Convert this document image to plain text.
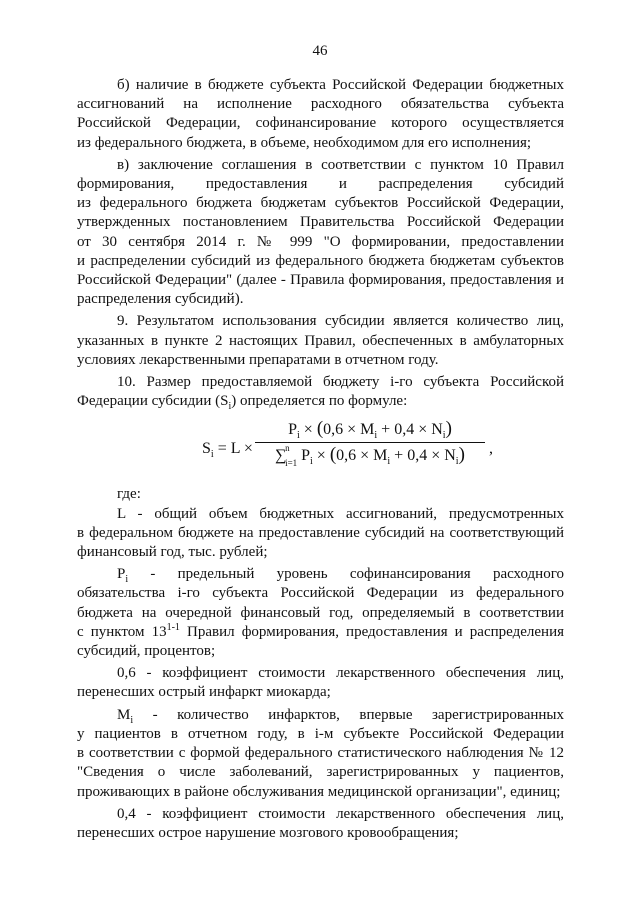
46

б) наличие в бюджете субъекта Российской Федерации бюджетных
ассигнований на исполнение расходного обязательства субъекта
Российской Федерации, софинансирование которого осуществляется
из федерального бюджета, в объеме, необходимом для его исполнения;

в) заключение соглашения в соответствии с пунктом 10 Правил
формирования, предоставления и распределения субсидий
из федерального бюджета бюджетам субъектов Российской Федерации,
утвержденных постановлением Правительства Российской Федерации
от 30 сентября 2014 г. № 999 "О формировании, предоставлении
и распределении субсидий из федерального бюджета бюджетам субъектов
Российской Федерации" (далее - Правила формирования, предоставления и
распределения субсидий).

9. Результатом использования субсидии является количество лиц,
указанных в пункте 2 настоящих Правил, обеспеченных в амбулаторных
условиях лекарственными препаратами в отчетном году.

10. Размер предоставляемой бюджету i-го субъекта Российской
Федерации субсидии $(S_i)$ определяется по формуле:

$S_i = L$ ×
$P_i \times (0,6 \times M_i + 0,4 \times N_i)$
∑
n
i=1 $P_i \times (0,6 \times M_i + 0,4 \times N_i)$	,

где:

L - общий объем бюджетных ассигнований, предусмотренных
в федеральном бюджете на предоставление субсидий на соответствующий
финансовый год, тыс. рублей;

$P_i$ - предельный уровень софинансирования расходного
обязательства i-го субъекта Российской Федерации из федерального
бюджета на очередной финансовый год, определяемый в соответствии
с пунктом 13$^{1-1}$ Правил формирования, предоставления и распределения
субсидий, процентов;

0,6 - коэффициент стоимости лекарственного обеспечения лиц,
перенесших острый инфаркт миокарда;

$M_i$ - количество инфарктов, впервые зарегистрированных
у пациентов в отчетном году, в i-м субъекте Российской Федерации
в соответствии с формой федерального статистического наблюдения № 12
"Сведения о числе заболеваний, зарегистрированных у пациентов,
проживающих в районе обслуживания медицинской организации", единиц;

0,4 - коэффициент стоимости лекарственного обеспечения лиц,
перенесших острое нарушение мозгового кровообращения;
